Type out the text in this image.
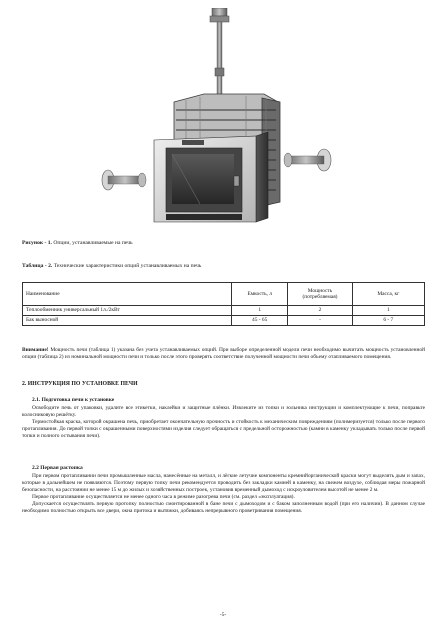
Рисунок - 1. Опции, устанавливаемые на печь

Таблица - 2. Технические характеристики опций устанавливаемых на печь

Наименование	Емкость, л	Мощность (потребляемая)	Масса, кг
Теплообменник универсальный 1л./2кВт	1	2	1
Бак выносной	45 - 65	-	6 - 7

Внимание! Мощность печи (таблица 1) указана без учета устанавливаемых опций. При выборе определенной модели печи необходимо вычитать мощность установленной опции (таблица 2) из номинальной мощности печи и только после этого проверять соответствие полученной мощности печи объему отапливаемого помещения.

2. ИНСТРУКЦИЯ ПО УСТАНОВКЕ ПЕЧИ

2.1. Подготовка печи к установке

Освободите печь от упаковки, удалите все этикетки, наклейки и защитные плёнки. Извлеките из топки и зольника инструкции и комплектующие к печи, поправьте колосниковую решётку.
Термостойкая краска, которой окрашена печь, приобретает окончательную прочность и стойкость к механическим повреждениям (полимеризуется) только после первого протапливания. До первой топки с окрашенными поверхностями изделия следует обращаться с предельной осторожностью (камни в каменку укладывать только после первой топки и полного остывания печи).

2.2 Первая растопка

При первом протапливании печи промышленные масла, нанесённые на металл, и лёгкие летучие компоненты кремнийорганической краски могут выделять дым и запах, которые в дальнейшем не появляются. Поэтому первую топку печи рекомендуется проводить без закладки камней в каменку, на свежем воздухе, соблюдая меры пожарной безопасности, на расстоянии не менее 15 м до жилых и хозяйственных построек, установив временный дымоход с искроуловителем высотой не менее 2 м.
Первое протапливание осуществляется не менее одного часа в режиме разогрева печи (см. раздел «эксплуатация).
Допускается осуществлять первую протопку полностью смонтированной в бане печи с дымоходом и с баком заполненным водой (при его наличии). В данном случае необходимо полностью открыть все двери, окна притока и вытяжки, добиваясь непрерывного проветривания помещения.

-5-
